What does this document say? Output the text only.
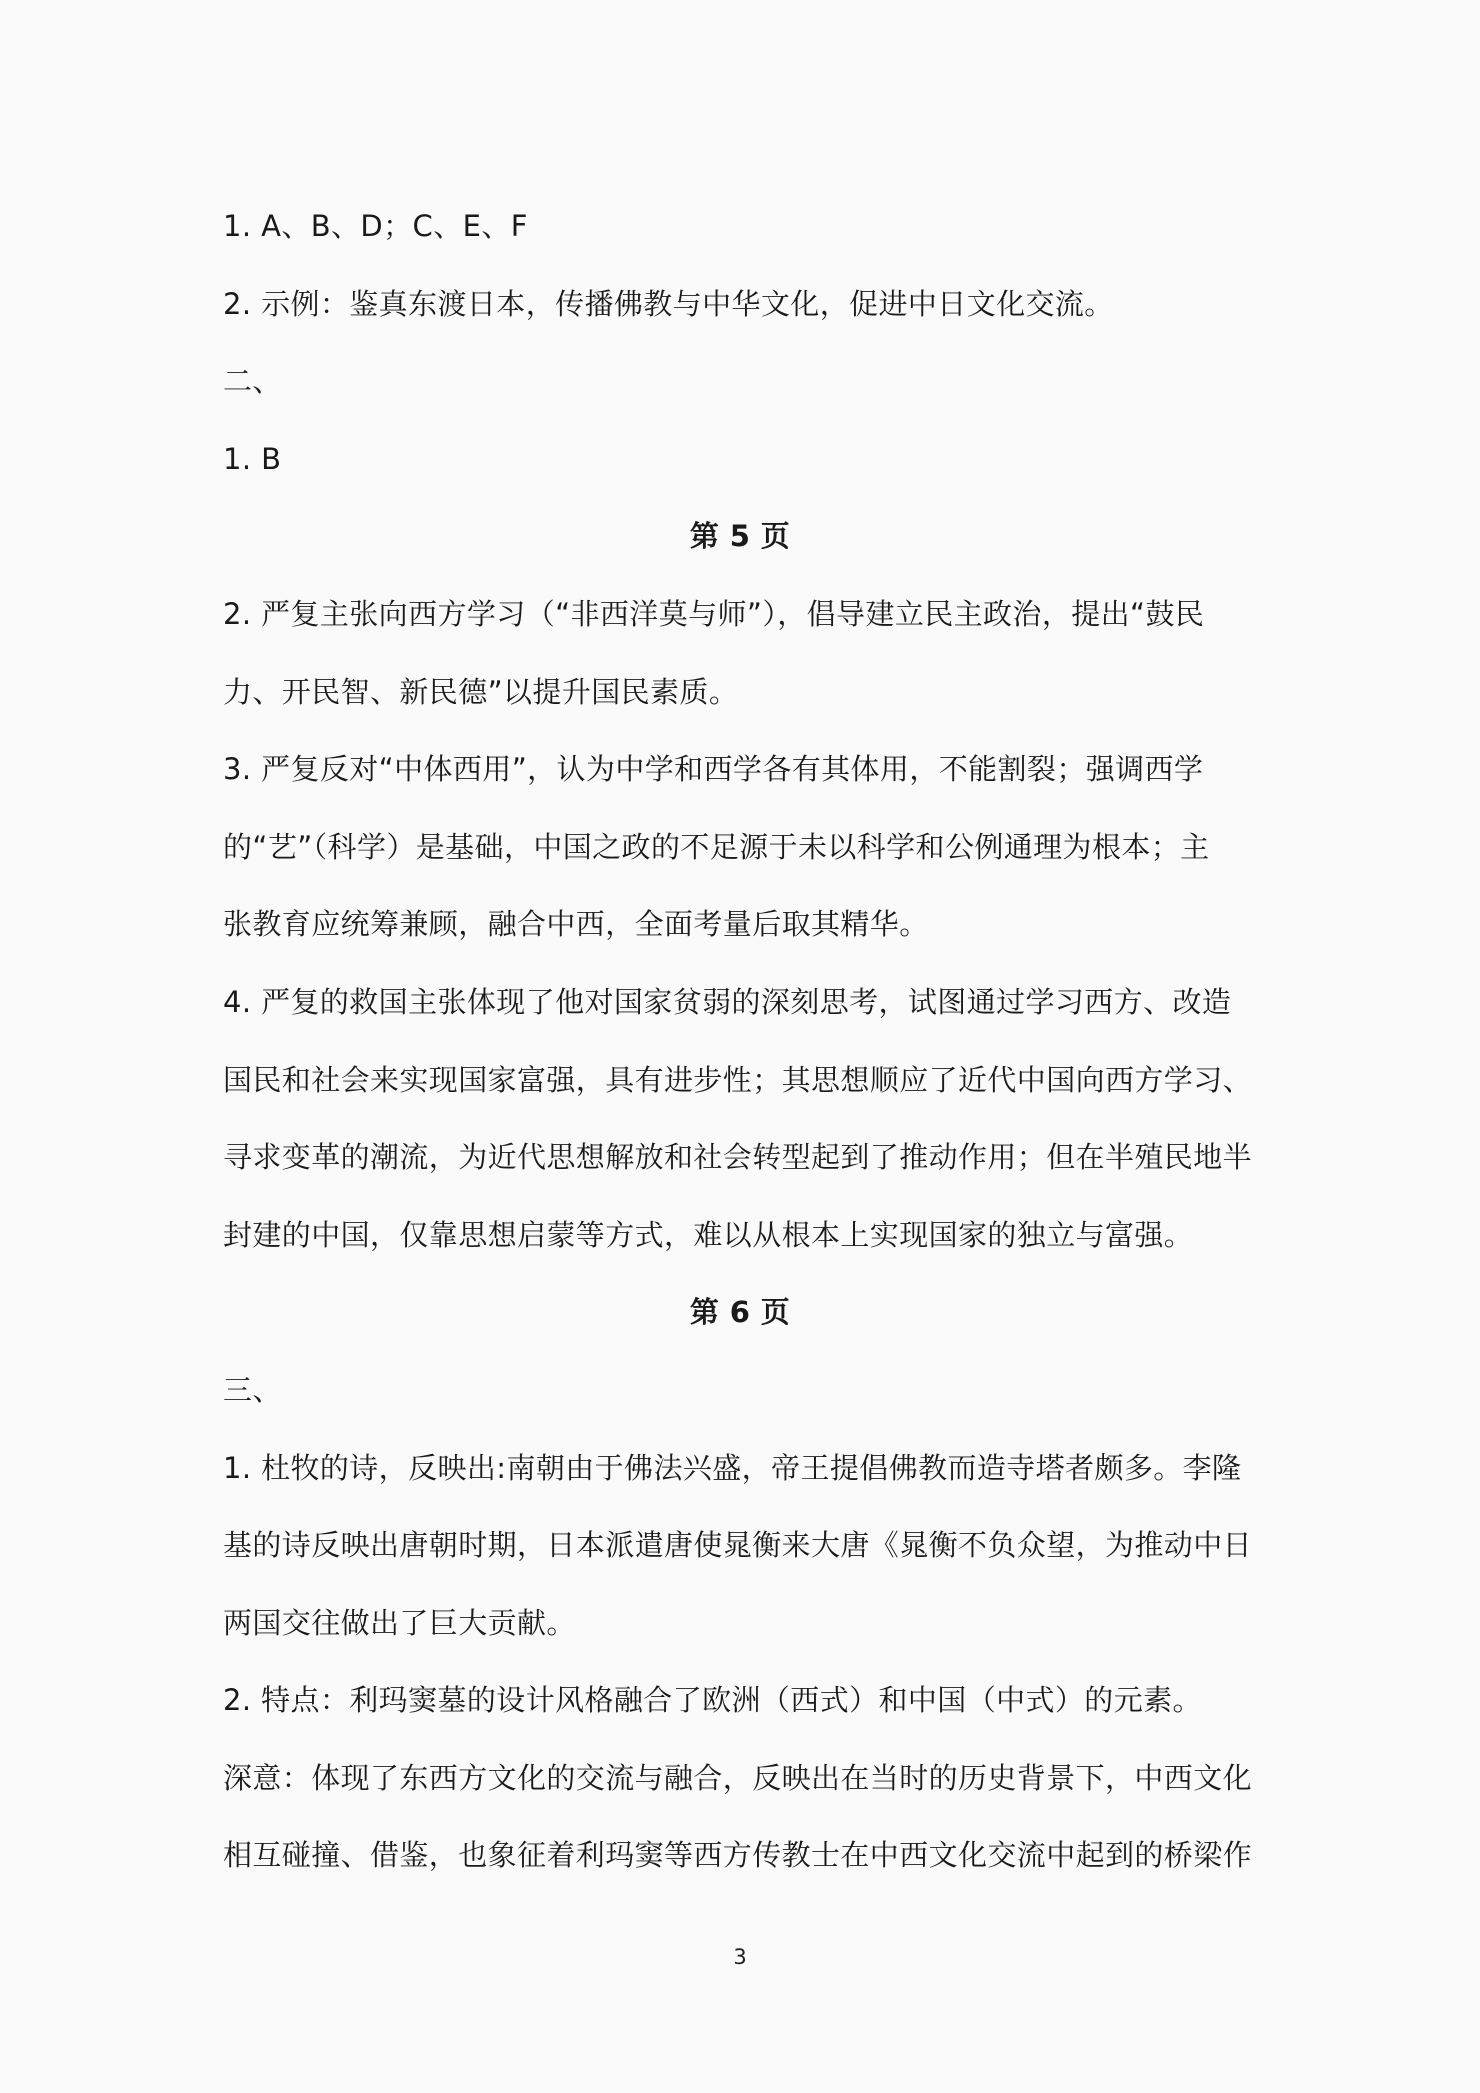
1. A、B、D；C、E、F
2. 示例：鉴真东渡日本，传播佛教与中华文化，促进中日文化交流。
二、
1. B
第 5 页
2. 严复主张向西方学习（“非西洋莫与师”），倡导建立民主政治，提出“鼓民
力、开民智、新民德”以提升国民素质。
3. 严复反对“中体西用”，认为中学和西学各有其体用，不能割裂；强调西学
的“艺”（科学）是基础，中国之政的不足源于未以科学和公例通理为根本；主
张教育应统筹兼顾，融合中西，全面考量后取其精华。
4. 严复的救国主张体现了他对国家贫弱的深刻思考，试图通过学习西方、改造
国民和社会来实现国家富强，具有进步性；其思想顺应了近代中国向西方学习、
寻求变革的潮流，为近代思想解放和社会转型起到了推动作用；但在半殖民地半
封建的中国，仅靠思想启蒙等方式，难以从根本上实现国家的独立与富强。
第 6 页
三、
1. 杜牧的诗，反映出:南朝由于佛法兴盛，帝王提倡佛教而造寺塔者颇多。李隆
基的诗反映出唐朝时期，日本派遣唐使晁衡来大唐《晁衡不负众望，为推动中日
两国交往做出了巨大贡献。
2. 特点：利玛窦墓的设计风格融合了欧洲（西式）和中国（中式）的元素。
深意：体现了东西方文化的交流与融合，反映出在当时的历史背景下，中西文化
相互碰撞、借鉴，也象征着利玛窦等西方传教士在中西文化交流中起到的桥梁作
3
